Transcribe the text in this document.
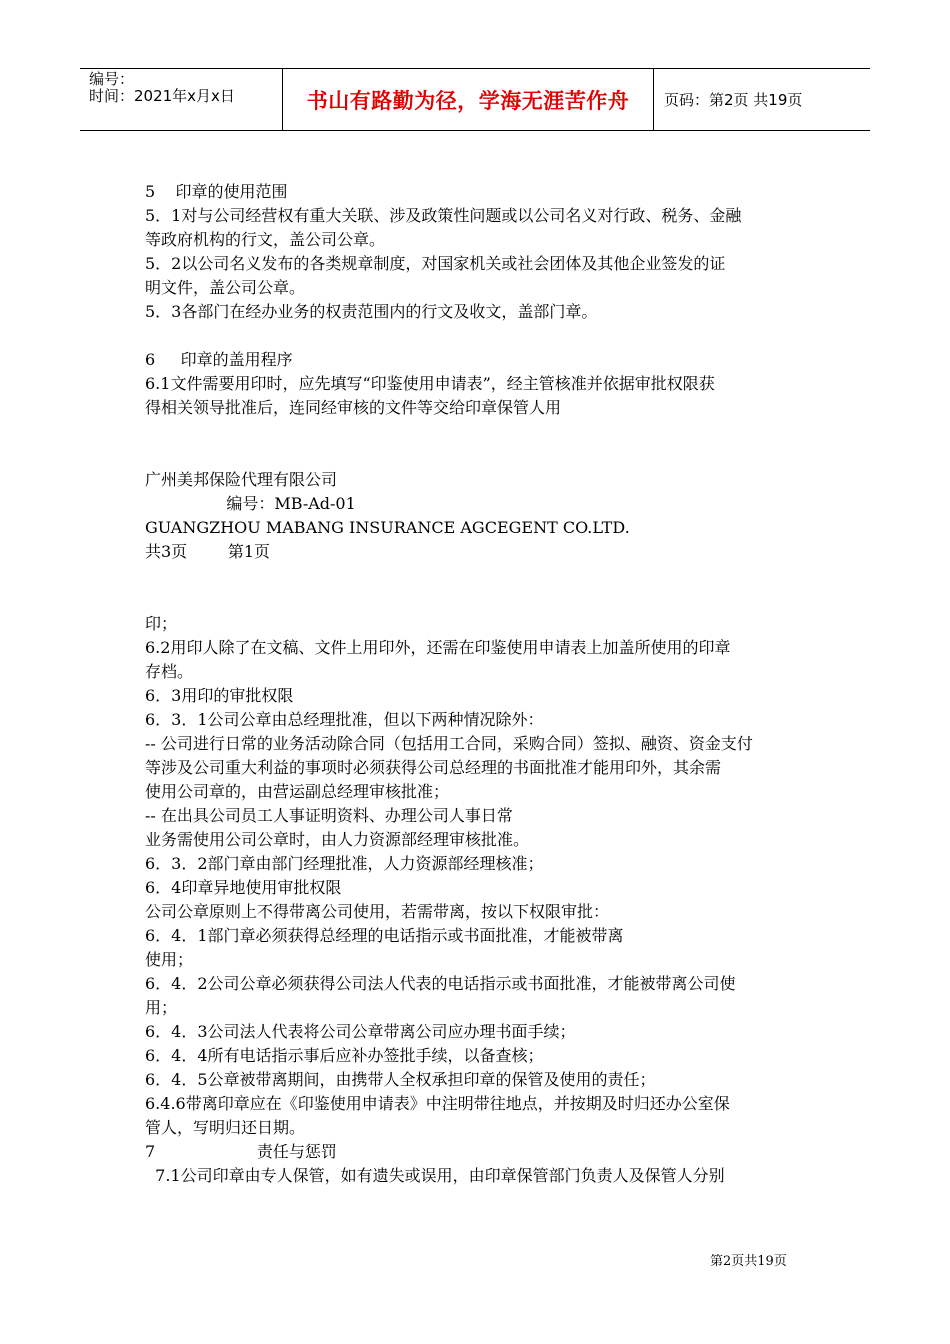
编号：
时间：2021年x月x日	书山有路勤为径，学海无涯苦作舟 页码：第2页 共19页
5    印章的使用范围
5．1对与公司经营权有重大关联、涉及政策性问题或以公司名义对行政、税务、金融
等政府机构的行文，盖公司公章。
5．2以公司名义发布的各类规章制度，对国家机关或社会团体及其他企业签发的证
明文件，盖公司公章。
5．3各部门在经办业务的权责范围内的行文及收文，盖部门章。
6     印章的盖用程序
6.1文件需要用印时，应先填写“印鉴使用申请表”，经主管核准并依据审批权限获
得相关领导批准后，连同经审核的文件等交给印章保管人用
广州美邦保险代理有限公司
编号：MB-Ad-01
GUANGZHOU MABANG INSURANCE AGCEGENT CO.LTD.
共3页        第1页
印；
6.2用印人除了在文稿、文件上用印外，还需在印鉴使用申请表上加盖所使用的印章
存档。
6．3用印的审批权限
6．3．1公司公章由总经理批准，但以下两种情况除外：
-- 公司进行日常的业务活动除合同（包括用工合同，采购合同）签拟、融资、资金支付
等涉及公司重大利益的事项时必须获得公司总经理的书面批准才能用印外，其余需
使用公司章的，由营运副总经理审核批准；
-- 在出具公司员工人事证明资料、办理公司人事日常
业务需使用公司公章时，由人力资源部经理审核批准。
6．3．2部门章由部门经理批准，人力资源部经理核准；
6．4印章异地使用审批权限
公司公章原则上不得带离公司使用，若需带离，按以下权限审批：
6．4．1部门章必须获得总经理的电话指示或书面批准，才能被带离
使用；
6．4．2公司公章必须获得公司法人代表的电话指示或书面批准，才能被带离公司使
用；
6．4．3公司法人代表将公司公章带离公司应办理书面手续；
6．4．4所有电话指示事后应补办签批手续，以备查核；
6．4．5公章被带离期间，由携带人全权承担印章的保管及使用的责任；
6.4.6带离印章应在《印鉴使用申请表》中注明带往地点，并按期及时归还办公室保
管人，写明归还日期。
7                    责任与惩罚
7.1公司印章由专人保管，如有遗失或误用，由印章保管部门负责人及保管人分别
第2页共19页
